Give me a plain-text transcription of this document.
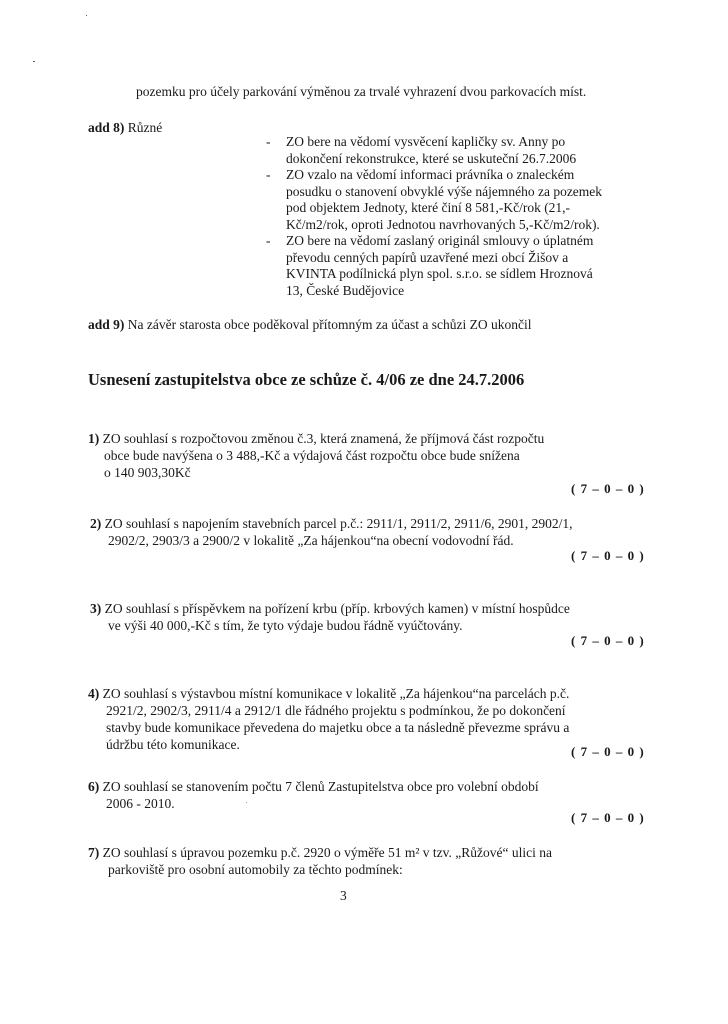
pozemku pro účely parkování výměnou za trvalé vyhrazení dvou parkovacích míst.
add 8) Různé
- ZO bere na vědomí vysvěcení kapličky sv. Anny po
dokončení rekonstrukce, které se uskuteční 26.7.2006
- ZO vzalo na vědomí informaci právníka o znaleckém
posudku o stanovení obvyklé výše nájemného za pozemek
pod objektem Jednoty, které činí 8 581,-Kč/rok (21,-
Kč/m2/rok, oproti Jednotou navrhovaných 5,-Kč/m2/rok).
- ZO bere na vědomí zaslaný originál smlouvy o úplatném
převodu cenných papírů uzavřené mezi obcí Žišov a
KVINTA podílnická plyn spol. s.r.o. se sídlem Hroznová
13, České Budějovice
add 9) Na závěr starosta obce poděkoval přítomným za účast a schůzi ZO ukončil
Usnesení zastupitelstva obce ze schůze č. 4/06 ze dne 24.7.2006
1) ZO souhlasí s rozpočtovou změnou č.3, která znamená, že příjmová část rozpočtu
obce bude navýšena o 3 488,-Kč a výdajová část rozpočtu obce bude snížena
o 140 903,30Kč
( 7 – 0 – 0 )
2) ZO souhlasí s napojením stavebních parcel p.č.: 2911/1, 2911/2, 2911/6, 2901, 2902/1,
2902/2, 2903/3 a 2900/2 v lokalitě „Za hájenkou“na obecní vodovodní řád.
( 7 – 0 – 0 )
3) ZO souhlasí s příspěvkem na pořízení krbu (příp. krbových kamen) v místní hospůdce
ve výši 40 000,-Kč s tím, že tyto výdaje budou řádně vyúčtovány.
( 7 – 0 – 0 )
4) ZO souhlasí s výstavbou místní komunikace v lokalitě „Za hájenkou“na parcelách p.č.
2921/2, 2902/3, 2911/4 a 2912/1 dle řádného projektu s podmínkou, že po dokončení
stavby bude komunikace převedena do majetku obce a ta následně převezme správu a
údržbu této komunikace.	( 7 – 0 – 0 )
6) ZO souhlasí se stanovením počtu 7 členů Zastupitelstva obce pro volební období
2006 - 2010.
( 7 – 0 – 0 )
7) ZO souhlasí s úpravou pozemku p.č. 2920 o výměře 51 m² v tzv. „Růžové“ ulici na
parkoviště pro osobní automobily za těchto podmínek:
3
